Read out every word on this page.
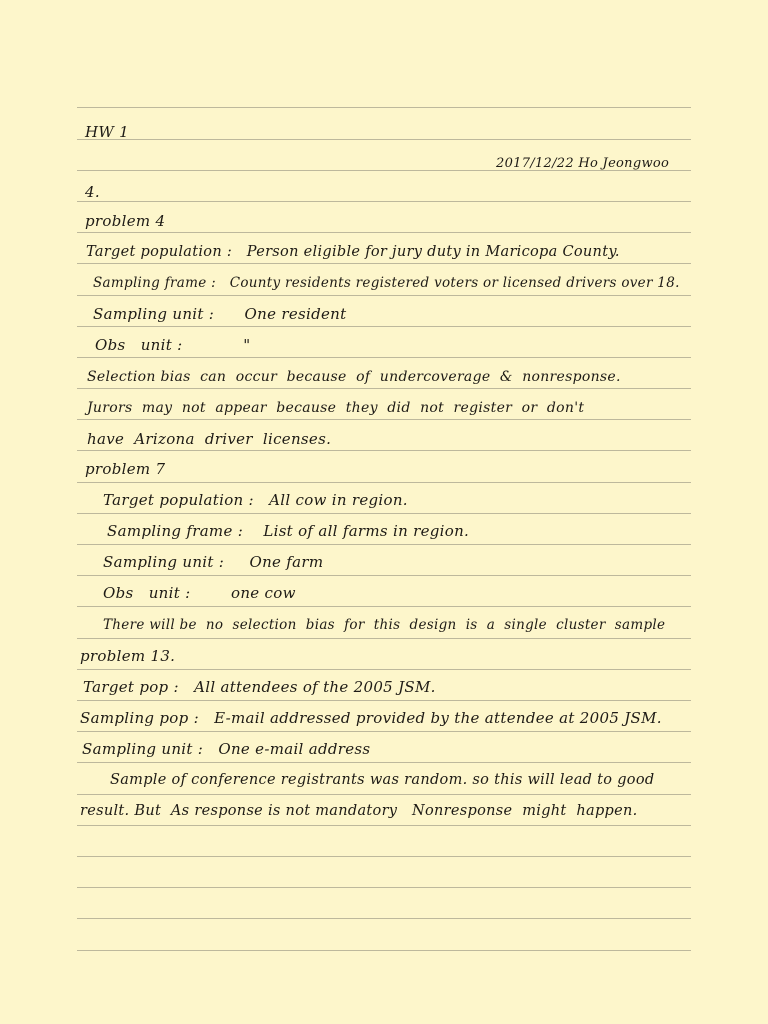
HW 1
2017/12/22 Ho Jeongwoo
4.
problem 4
Target population :   Person eligible for jury duty in Maricopa County.
Sampling frame :   County residents registered voters or licensed drivers over 18.
Sampling unit :      One resident
Obs   unit :            "
Selection bias  can  occur  because  of  undercoverage  &  nonresponse.
Jurors  may  not  appear  because  they  did  not  register  or  don't
have  Arizona  driver  licenses.
problem 7
Target population :   All cow in region.
Sampling frame :    List of all farms in region.
Sampling unit :     One farm
Obs   unit :        one cow
There will be  no  selection  bias  for  this  design  is  a  single  cluster  sample
problem 13.
Target pop :   All attendees of the 2005 JSM.
Sampling pop :   E-mail addressed provided by the attendee at 2005 JSM.
Sampling unit :   One e-mail address
Sample of conference registrants was random. so this will lead to good
result. But  As response is not mandatory   Nonresponse  might  happen.
